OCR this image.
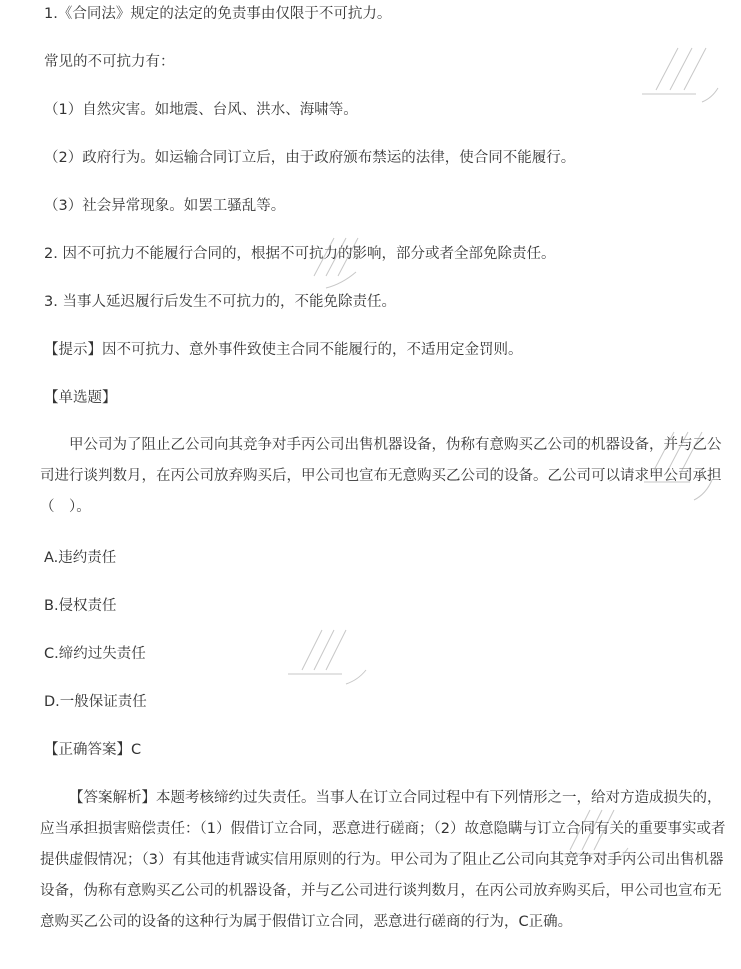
1.《合同法》规定的法定的免责事由仅限于不可抗力。
常见的不可抗力有：
（1）自然灾害。如地震、台风、洪水、海啸等。
（2）政府行为。如运输合同订立后，由于政府颁布禁运的法律，使合同不能履行。
（3）社会异常现象。如罢工骚乱等。
2. 因不可抗力不能履行合同的，根据不可抗力的影响，部分或者全部免除责任。
3. 当事人延迟履行后发生不可抗力的，不能免除责任。
【提示】因不可抗力、意外事件致使主合同不能履行的，不适用定金罚则。
【单选题】
甲公司为了阻止乙公司向其竞争对手丙公司出售机器设备，伪称有意购买乙公司的机器设备，并与乙公司进行谈判数月，在丙公司放弃购买后，甲公司也宣布无意购买乙公司的设备。乙公司可以请求甲公司承担（　）。
A.违约责任
B.侵权责任
C.缔约过失责任
D.一般保证责任
【正确答案】C
【答案解析】本题考核缔约过失责任。当事人在订立合同过程中有下列情形之一，给对方造成损失的，应当承担损害赔偿责任：（1）假借订立合同，恶意进行磋商；（2）故意隐瞒与订立合同有关的重要事实或者提供虚假情况；（3）有其他违背诚实信用原则的行为。甲公司为了阻止乙公司向其竞争对手丙公司出售机器设备，伪称有意购买乙公司的机器设备，并与乙公司进行谈判数月，在丙公司放弃购买后，甲公司也宣布无意购买乙公司的设备的这种行为属于假借订立合同，恶意进行磋商的行为，C正确。
